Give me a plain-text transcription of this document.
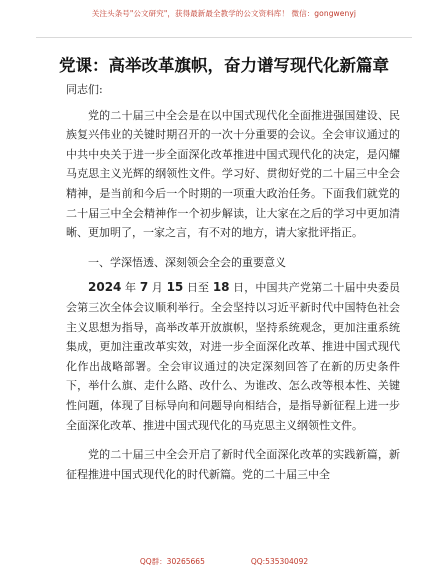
关注头条号"公文研究"，获得最新最全教学的公文资料库！ 微信：gongwenyj
党课：高举改革旗帜，奋力谱写现代化新篇章

同志们:

党的二十届三中全会是在以中国式现代化全面推进强国建设、民族复兴伟业的关键时期召开的一次十分重要的会议。全会审议通过的中共中央关于进一步全面深化改革推进中国式现代化的决定，是闪耀马克思主义光辉的纲领性文件。学习好、贯彻好党的二十届三中全会精神，是当前和今后一个时期的一项重大政治任务。下面我们就党的二十届三中全会精神作一个初步解读，让大家在之后的学习中更加清晰、更加明了，一家之言，有不对的地方，请大家批评指正。

一、学深悟透、深刻领会全会的重要意义

2024 年 7 月 15 日至 18 日，中国共产党第二十届中央委员会第三次全体会议顺利举行。全会坚持以习近平新时代中国特色社会主义思想为指导，高举改革开放旗帜，坚持系统观念，更加注重系统集成，更加注重改革实效，对进一步全面深化改革、推进中国式现代化作出战略部署。全会审议通过的决定深刻回答了在新的历史条件下，举什么旗、走什么路、改什么、为谁改、怎么改等根本性、关键性问题，体现了目标导向和问题导向相结合，是指导新征程上进一步全面深化改革、推进中国式现代化的马克思主义纲领性文件。

党的二十届三中全会开启了新时代全面深化改革的实践新篇，新征程推进中国式现代化的时代新篇。党的二十届三中全

QQ群：30265665	QQ:535304092
